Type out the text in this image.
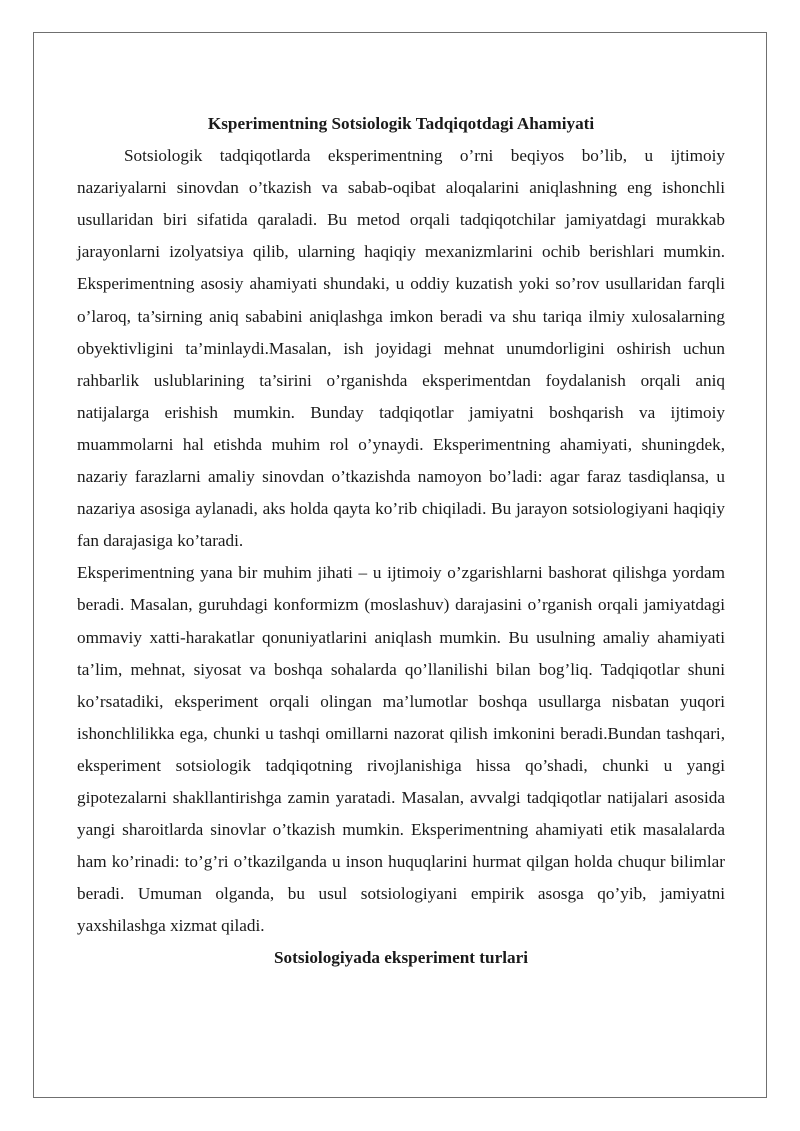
Ksperimentning Sotsiologik Tadqiqotdagi Ahamiyati

Sotsiologik tadqiqotlarda eksperimentning o’rni beqiyos bo’lib, u ijtimoiy nazariyalarni sinovdan o’tkazish va sabab-oqibat aloqalarini aniqlashning eng ishonchli usullaridan biri sifatida qaraladi. Bu metod orqali tadqiqotchilar jamiyatdagi murakkab jarayonlarni izolyatsiya qilib, ularning haqiqiy mexanizmlarini ochib berishlari mumkin. Eksperimentning asosiy ahamiyati shundaki, u oddiy kuzatish yoki so’rov usullaridan farqli o’laroq, ta’sirning aniq sababini aniqlashga imkon beradi va shu tariqa ilmiy xulosalarning obyektivligini ta’minlaydi.Masalan, ish joyidagi mehnat unumdorligini oshirish uchun rahbarlik uslublarining ta’sirini o’rganishda eksperimentdan foydalanish orqali aniq natijalarga erishish mumkin. Bunday tadqiqotlar jamiyatni boshqarish va ijtimoiy muammolarni hal etishda muhim rol o’ynaydi. Eksperimentning ahamiyati, shuningdek, nazariy farazlarni amaliy sinovdan o’tkazishda namoyon bo’ladi: agar faraz tasdiqlansa, u nazariya asosiga aylanadi, aks holda qayta ko’rib chiqiladi. Bu jarayon sotsiologiyani haqiqiy fan darajasiga ko’taradi.

Eksperimentning yana bir muhim jihati – u ijtimoiy o’zgarishlarni bashorat qilishga yordam beradi. Masalan, guruhdagi konformizm (moslashuv) darajasini o’rganish orqali jamiyatdagi ommaviy xatti-harakatlar qonuniyatlarini aniqlash mumkin. Bu usulning amaliy ahamiyati ta’lim, mehnat, siyosat va boshqa sohalarda qo’llanilishi bilan bog’liq. Tadqiqotlar shuni ko’rsatadiki, eksperiment orqali olingan ma’lumotlar boshqa usullarga nisbatan yuqori ishonchlilikka ega, chunki u tashqi omillarni nazorat qilish imkonini beradi.Bundan tashqari, eksperiment sotsiologik tadqiqotning rivojlanishiga hissa qo’shadi, chunki u yangi gipotezalarni shakllantirishga zamin yaratadi. Masalan, avvalgi tadqiqotlar natijalari asosida yangi sharoitlarda sinovlar o’tkazish mumkin. Eksperimentning ahamiyati etik masalalarda ham ko’rinadi: to’g’ri o’tkazilganda u inson huquqlarini hurmat qilgan holda chuqur bilimlar beradi. Umuman olganda, bu usul sotsiologiyani empirik asosga qo’yib, jamiyatni yaxshilashga xizmat qiladi.

Sotsiologiyada eksperiment turlari
